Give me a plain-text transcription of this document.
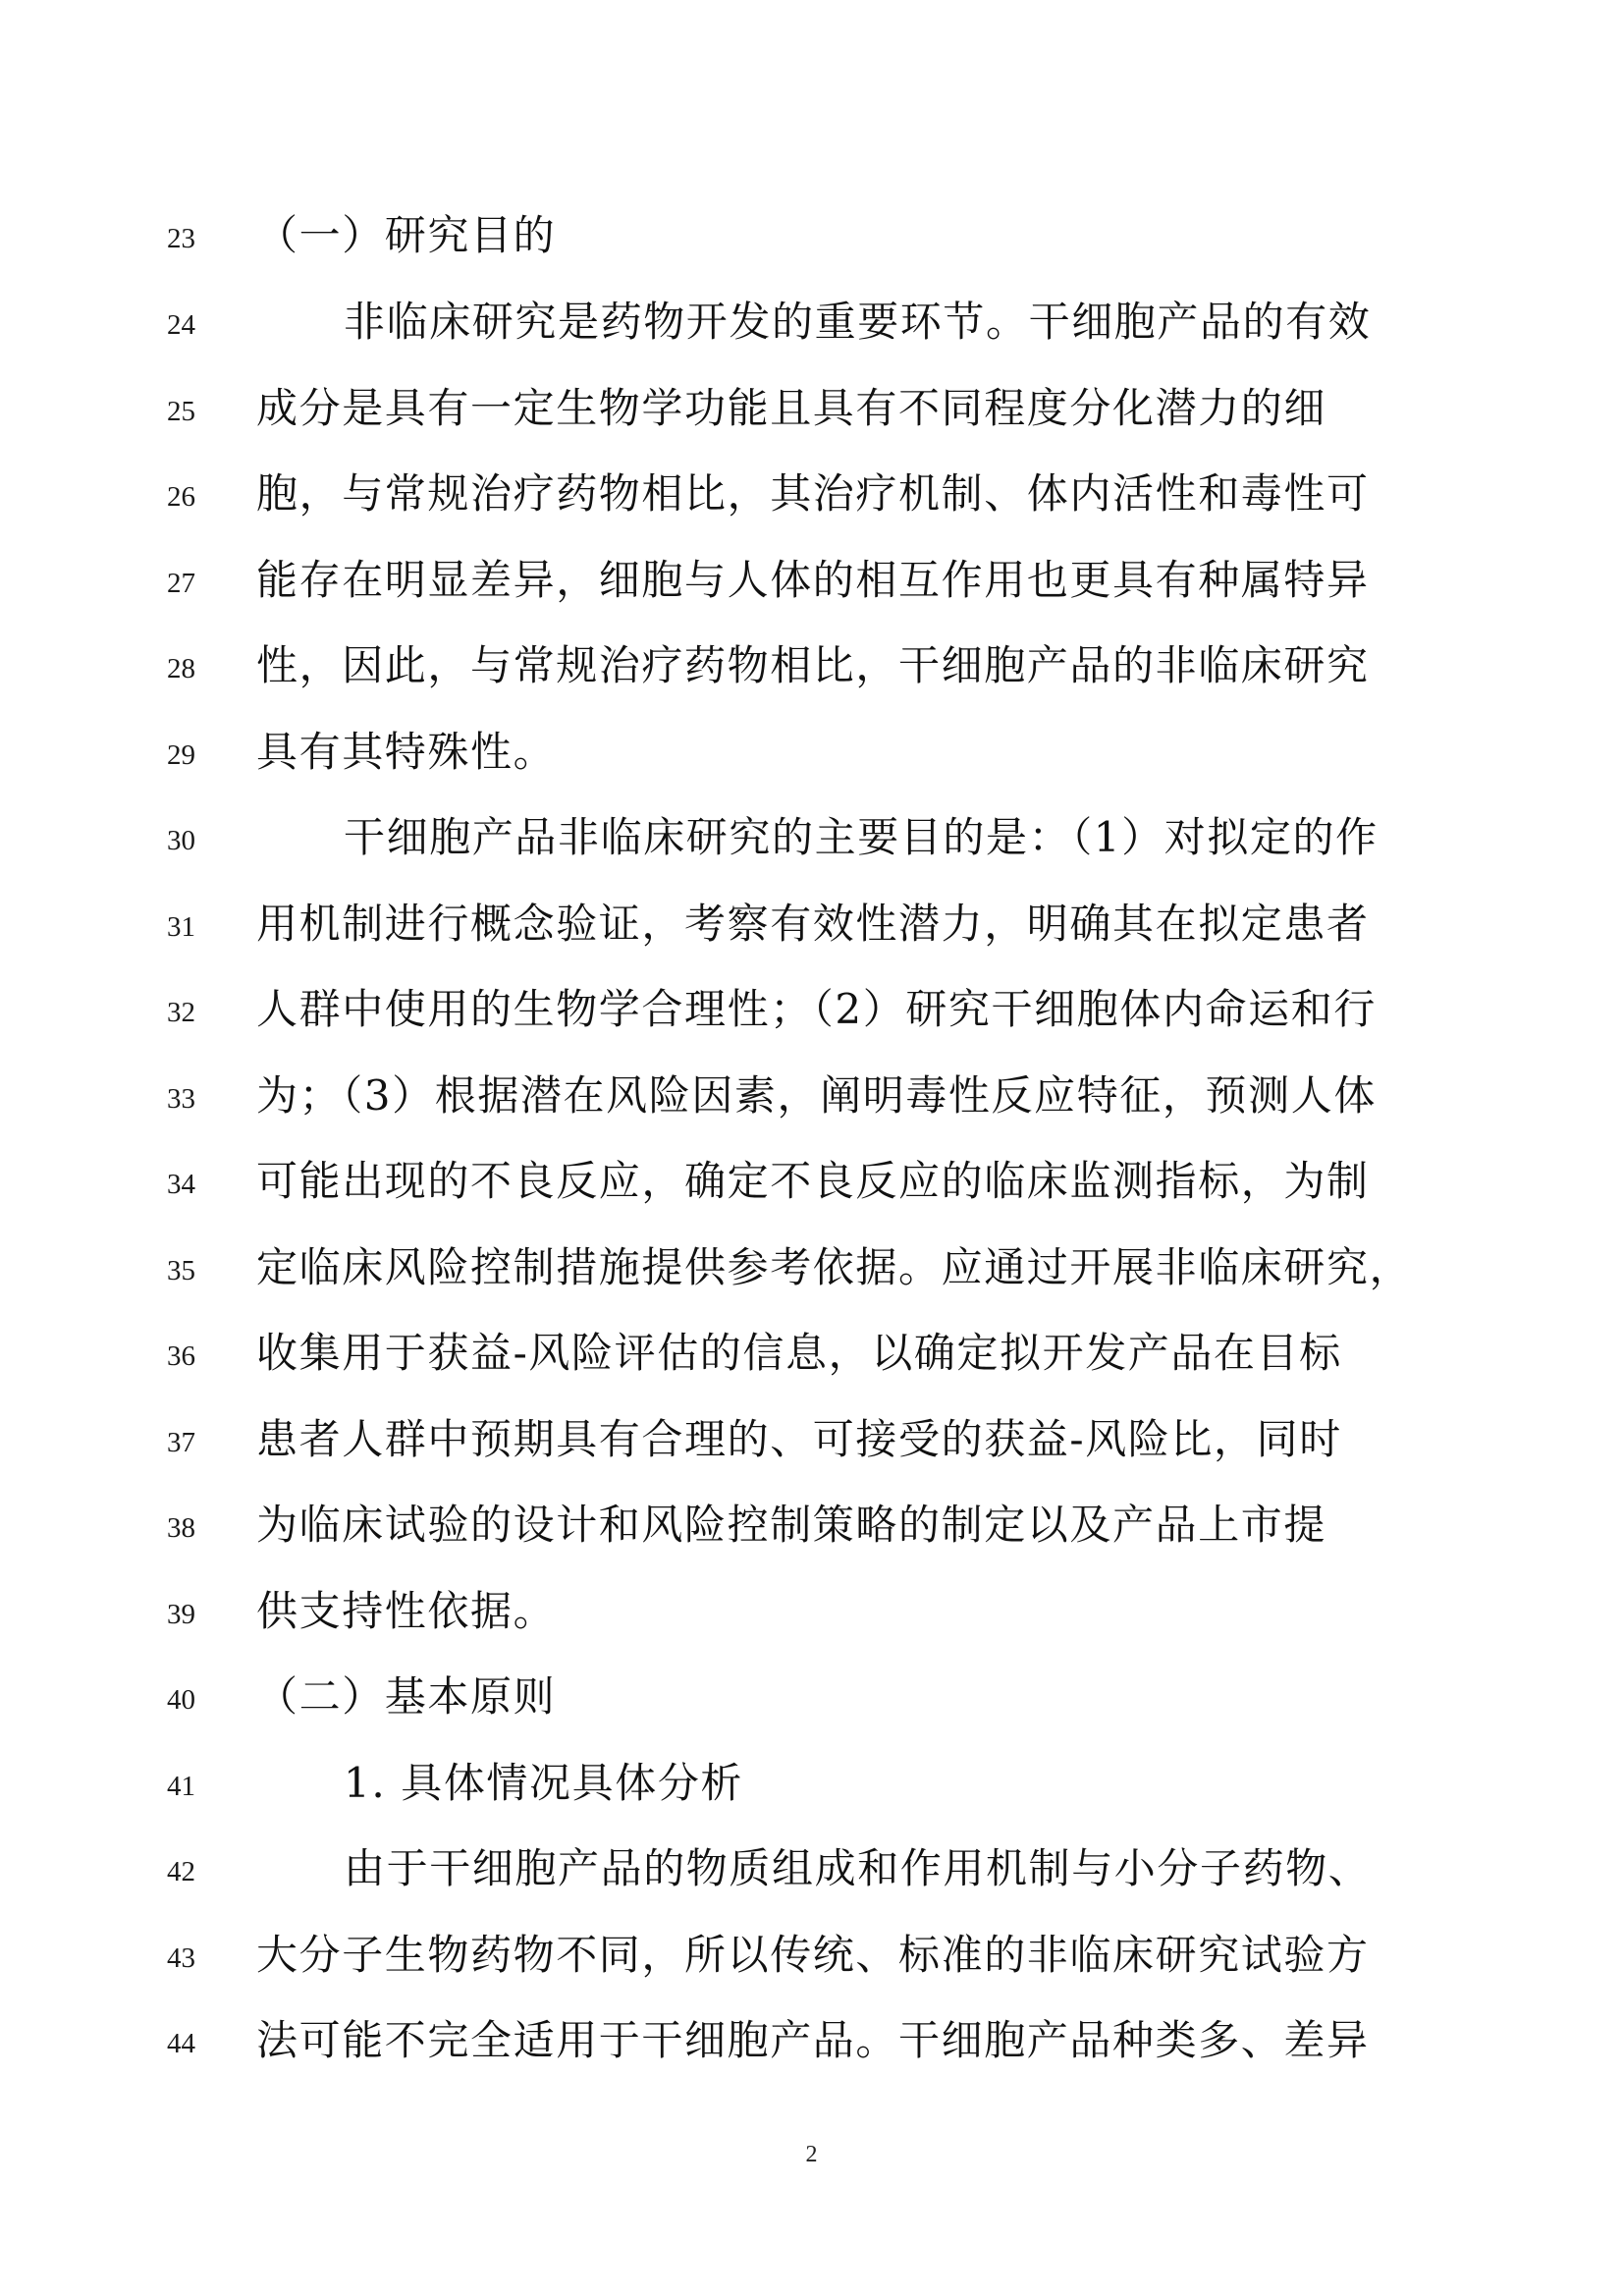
23 （一）研究目的
24	非临床研究是药物开发的重要环节。干细胞产品的有效
25 成分是具有一定生物学功能且具有不同程度分化潜力的细
26 胞，与常规治疗药物相比，其治疗机制、体内活性和毒性可
27 能存在明显差异，细胞与人体的相互作用也更具有种属特异
28 性，因此，与常规治疗药物相比，干细胞产品的非临床研究
29 具有其特殊性。
30	干细胞产品非临床研究的主要目的是：（1）对拟定的作
31 用机制进行概念验证，考察有效性潜力，明确其在拟定患者
32 人群中使用的生物学合理性；（2）研究干细胞体内命运和行
33 为；（3）根据潜在风险因素，阐明毒性反应特征，预测人体
34 可能出现的不良反应，确定不良反应的临床监测指标，为制
35 定临床风险控制措施提供参考依据。应通过开展非临床研究，
36 收集用于获益-风险评估的信息，以确定拟开发产品在目标
37 患者人群中预期具有合理的、可接受的获益-风险比，同时
38 为临床试验的设计和风险控制策略的制定以及产品上市提
39 供支持性依据。
40 （二）基本原则
41	1. 具体情况具体分析
42	由于干细胞产品的物质组成和作用机制与小分子药物、
43 大分子生物药物不同，所以传统、标准的非临床研究试验方
44 法可能不完全适用于干细胞产品。干细胞产品种类多、差异
2
